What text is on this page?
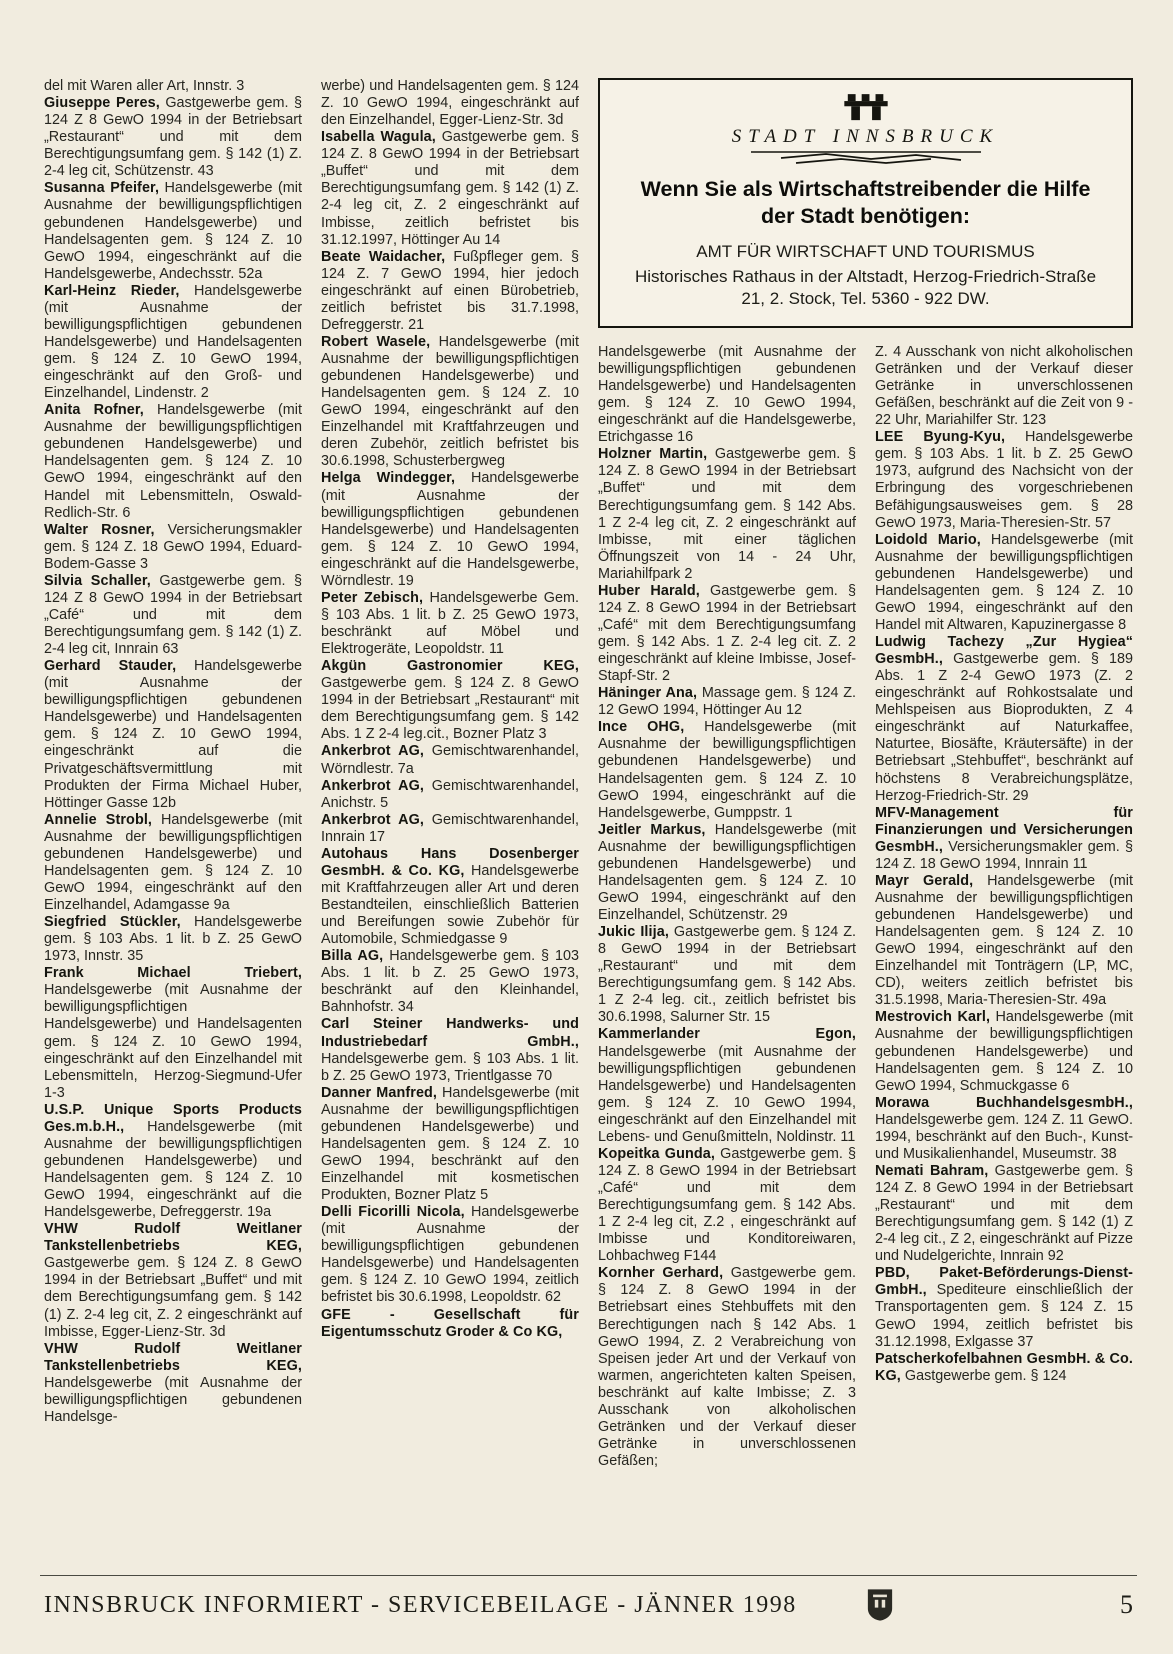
del mit Waren aller Art, Innstr. 3

Giuseppe Peres, Gastgewerbe gem. § 124 Z 8 GewO 1994 in der Betriebsart „Restaurant“ und mit dem Berechtigungsumfang gem. § 142 (1) Z. 2-4 leg cit, Schützenstr. 43

Susanna Pfeifer, Handelsgewerbe (mit Ausnahme der bewilligungspflichtigen gebundenen Handelsgewerbe) und Handelsagenten gem. § 124 Z. 10 GewO 1994, eingeschränkt auf die Handelsgewerbe, Andechsstr. 52a

Karl-Heinz Rieder, Handelsgewerbe (mit Ausnahme der bewilligungspflichtigen gebundenen Handelsgewerbe) und Handelsagenten gem. § 124 Z. 10 GewO 1994, eingeschränkt auf den Groß- und Einzelhandel, Lindenstr. 2

Anita Rofner, Handelsgewerbe (mit Ausnahme der bewilligungspflichtigen gebundenen Handelsgewerbe) und Handelsagenten gem. § 124 Z. 10 GewO 1994, eingeschränkt auf den Handel mit Lebensmitteln, Oswald-Redlich-Str. 6

Walter Rosner, Versicherungsmakler gem. § 124 Z. 18 GewO 1994, Eduard-Bodem-Gasse 3

Silvia Schaller, Gastgewerbe gem. § 124 Z 8 GewO 1994 in der Betriebsart „Café“ und mit dem Berechtigungsumfang gem. § 142 (1) Z. 2-4 leg cit, Innrain 63

Gerhard Stauder, Handelsgewerbe (mit Ausnahme der bewilligungspflichtigen gebundenen Handelsgewerbe) und Handelsagenten gem. § 124 Z. 10 GewO 1994, eingeschränkt auf die Privatgeschäftsvermittlung mit Produkten der Firma Michael Huber, Höttinger Gasse 12b

Annelie Strobl, Handelsgewerbe (mit Ausnahme der bewilligungspflichtigen gebundenen Handelsgewerbe) und Handelsagenten gem. § 124 Z. 10 GewO 1994, eingeschränkt auf den Einzelhandel, Adamgasse 9a

Siegfried Stückler, Handelsgewerbe gem. § 103 Abs. 1 lit. b Z. 25 GewO 1973, Innstr. 35

Frank Michael Triebert, Handelsgewerbe (mit Ausnahme der bewilligungspflichtigen Handelsgewerbe) und Handelsagenten gem. § 124 Z. 10 GewO 1994, eingeschränkt auf den Einzelhandel mit Lebensmitteln, Herzog-Siegmund-Ufer 1-3

U.S.P. Unique Sports Products Ges.m.b.H., Handelsgewerbe (mit Ausnahme der bewilligungspflichtigen gebundenen Handelsgewerbe) und Handelsagenten gem. § 124 Z. 10 GewO 1994, eingeschränkt auf die Handelsgewerbe, Defreggerstr. 19a

VHW Rudolf Weitlaner Tankstellenbetriebs KEG, Gastgewerbe gem. § 124 Z. 8 GewO 1994 in der Betriebsart „Buffet“ und mit dem Berechtigungsumfang gem. § 142 (1) Z. 2-4 leg cit, Z. 2 eingeschränkt auf Imbisse, Egger-Lienz-Str. 3d

VHW Rudolf Weitlaner Tankstellenbetriebs KEG, Handelsgewerbe (mit Ausnahme der bewilligungspflichtigen gebundenen Handelsge-

werbe) und Handelsagenten gem. § 124 Z. 10 GewO 1994, eingeschränkt auf den Einzelhandel, Egger-Lienz-Str. 3d

Isabella Wagula, Gastgewerbe gem. § 124 Z. 8 GewO 1994 in der Betriebsart „Buffet“ und mit dem Berechtigungsumfang gem. § 142 (1) Z. 2-4 leg cit, Z. 2 eingeschränkt auf Imbisse, zeitlich befristet bis 31.12.1997, Höttinger Au 14

Beate Waidacher, Fußpfleger gem. § 124 Z. 7 GewO 1994, hier jedoch eingeschränkt auf einen Bürobetrieb, zeitlich befristet bis 31.7.1998, Defreggerstr. 21

Robert Wasele, Handelsgewerbe (mit Ausnahme der bewilligungspflichtigen gebundenen Handelsgewerbe) und Handelsagenten gem. § 124 Z. 10 GewO 1994, eingeschränkt auf den Einzelhandel mit Kraftfahrzeugen und deren Zubehör, zeitlich befristet bis 30.6.1998, Schusterbergweg

Helga Windegger, Handelsgewerbe (mit Ausnahme der bewilligungspflichtigen gebundenen Handelsgewerbe) und Handelsagenten gem. § 124 Z. 10 GewO 1994, eingeschränkt auf die Handelsgewerbe, Wörndlestr. 19

Peter Zebisch, Handelsgewerbe Gem. § 103 Abs. 1 lit. b Z. 25 GewO 1973, beschränkt auf Möbel und Elektrogeräte, Leopoldstr. 11

Akgün Gastronomier KEG, Gastgewerbe gem. § 124 Z. 8 GewO 1994 in der Betriebsart „Restaurant“ mit dem Berechtigungsumfang gem. § 142 Abs. 1 Z 2-4 leg.cit., Bozner Platz 3

Ankerbrot AG, Gemischtwarenhandel, Wörndlestr. 7a

Ankerbrot AG, Gemischtwarenhandel, Anichstr. 5

Ankerbrot AG, Gemischtwarenhandel, Innrain 17

Autohaus Hans Dosenberger GesmbH. & Co. KG, Handelsgewerbe mit Kraftfahrzeugen aller Art und deren Bestandteilen, einschließlich Batterien und Bereifungen sowie Zubehör für Automobile, Schmiedgasse 9

Billa AG, Handelsgewerbe gem. § 103 Abs. 1 lit. b Z. 25 GewO 1973, beschränkt auf den Kleinhandel, Bahnhofstr. 34

Carl Steiner Handwerks- und Industriebedarf GmbH., Handelsgewerbe gem. § 103 Abs. 1 lit. b Z. 25 GewO 1973, Trientlgasse 70

Danner Manfred, Handelsgewerbe (mit Ausnahme der bewilligungspflichtigen gebundenen Handelsgewerbe) und Handelsagenten gem. § 124 Z. 10 GewO 1994, beschränkt auf den Einzelhandel mit kosmetischen Produkten, Bozner Platz 5

Delli Ficorilli Nicola, Handelsgewerbe (mit Ausnahme der bewilligungspflichtigen gebundenen Handelsgewerbe) und Handelsagenten gem. § 124 Z. 10 GewO 1994, zeitlich befristet bis 30.6.1998, Leopoldstr. 62

GFE - Gesellschaft für Eigentumsschutz Groder & Co KG,

STADT INNSBRUCK
Wenn Sie als Wirtschaftstreibender die Hilfe der Stadt benötigen:
AMT FÜR WIRTSCHAFT UND TOURISMUS
Historisches Rathaus in der Altstadt, Herzog-Friedrich-Straße 21, 2. Stock, Tel. 5360 - 922 DW.

Handelsgewerbe (mit Ausnahme der bewilligungspflichtigen gebundenen Handelsgewerbe) und Handelsagenten gem. § 124 Z. 10 GewO 1994, eingeschränkt auf die Handelsgewerbe, Etrichgasse 16

Holzner Martin, Gastgewerbe gem. § 124 Z. 8 GewO 1994 in der Betriebsart „Buffet“ und mit dem Berechtigungsumfang gem. § 142 Abs. 1 Z 2-4 leg cit, Z. 2 eingeschränkt auf Imbisse, mit einer täglichen Öffnungszeit von 14 - 24 Uhr, Mariahilfpark 2

Huber Harald, Gastgewerbe gem. § 124 Z. 8 GewO 1994 in der Betriebsart „Café“ mit dem Berechtigungsumfang gem. § 142 Abs. 1 Z. 2-4 leg cit. Z. 2 eingeschränkt auf kleine Imbisse, Josef-Stapf-Str. 2

Häninger Ana, Massage gem. § 124 Z. 12 GewO 1994, Höttinger Au 12

Ince OHG, Handelsgewerbe (mit Ausnahme der bewilligungspflichtigen gebundenen Handelsgewerbe) und Handelsagenten gem. § 124 Z. 10 GewO 1994, eingeschränkt auf die Handelsgewerbe, Gumppstr. 1

Jeitler Markus, Handelsgewerbe (mit Ausnahme der bewilligungspflichtigen gebundenen Handelsgewerbe) und Handelsagenten gem. § 124 Z. 10 GewO 1994, eingeschränkt auf den Einzelhandel, Schützenstr. 29

Jukic Ilija, Gastgewerbe gem. § 124 Z. 8 GewO 1994 in der Betriebsart „Restaurant“ und mit dem Berechtigungsumfang gem. § 142 Abs. 1 Z 2-4 leg. cit., zeitlich befristet bis 30.6.1998, Salurner Str. 15

Kammerlander Egon, Handelsgewerbe (mit Ausnahme der bewilligungspflichtigen gebundenen Handelsgewerbe) und Handelsagenten gem. § 124 Z. 10 GewO 1994, eingeschränkt auf den Einzelhandel mit Lebens- und Genußmitteln, Noldinstr. 11

Kopeitka Gunda, Gastgewerbe gem. § 124 Z. 8 GewO 1994 in der Betriebsart „Café“ und mit dem Berechtigungsumfang gem. § 142 Abs. 1 Z 2-4 leg cit, Z.2 , eingeschränkt auf Imbisse und Konditoreiwaren, Lohbachweg F144

Kornher Gerhard, Gastgewerbe gem. § 124 Z. 8 GewO 1994 in der Betriebsart eines Stehbuffets mit den Berechtigungen nach § 142 Abs. 1 GewO 1994, Z. 2 Verabreichung von Speisen jeder Art und der Verkauf von warmen, angerichteten kalten Speisen, beschränkt auf kalte Imbisse; Z. 3 Ausschank von alkoholischen Getränken und der Verkauf dieser Getränke in unverschlossenen Gefäßen;

Z. 4 Ausschank von nicht alkoholischen Getränken und der Verkauf dieser Getränke in unverschlossenen Gefäßen, beschränkt auf die Zeit von 9 - 22 Uhr, Mariahilfer Str. 123

LEE Byung-Kyu, Handelsgewerbe gem. § 103 Abs. 1 lit. b Z. 25 GewO 1973, aufgrund des Nachsicht von der Erbringung des vorgeschriebenen Befähigungsausweises gem. § 28 GewO 1973, Maria-Theresien-Str. 57

Loidold Mario, Handelsgewerbe (mit Ausnahme der bewilligungspflichtigen gebundenen Handelsgewerbe) und Handelsagenten gem. § 124 Z. 10 GewO 1994, eingeschränkt auf den Handel mit Altwaren, Kapuzinergasse 8

Ludwig Tachezy „Zur Hygiea“ GesmbH., Gastgewerbe gem. § 189 Abs. 1 Z 2-4 GewO 1973 (Z. 2 eingeschränkt auf Rohkostsalate und Mehlspeisen aus Bioprodukten, Z 4 eingeschränkt auf Naturkaffee, Naturtee, Biosäfte, Kräutersäfte) in der Betriebsart „Stehbuffet“, beschränkt auf höchstens 8 Verabreichungsplätze, Herzog-Friedrich-Str. 29

MFV-Management für Finanzierungen und Versicherungen GesmbH., Versicherungsmakler gem. § 124 Z. 18 GewO 1994, Innrain 11

Mayr Gerald, Handelsgewerbe (mit Ausnahme der bewilligungspflichtigen gebundenen Handelsgewerbe) und Handelsagenten gem. § 124 Z. 10 GewO 1994, eingeschränkt auf den Einzelhandel mit Tonträgern (LP, MC, CD), weiters zeitlich befristet bis 31.5.1998, Maria-Theresien-Str. 49a

Mestrovich Karl, Handelsgewerbe (mit Ausnahme der bewilligungspflichtigen gebundenen Handelsgewerbe) und Handelsagenten gem. § 124 Z. 10 GewO 1994, Schmuckgasse 6

Morawa BuchhandelsgesmbH., Handelsgewerbe gem. 124 Z. 11 GewO. 1994, beschränkt auf den Buch-, Kunst- und Musikalienhandel, Museumstr. 38

Nemati Bahram, Gastgewerbe gem. § 124 Z. 8 GewO 1994 in der Betriebsart „Restaurant“ und mit dem Berechtigungsumfang gem. § 142 (1) Z 2-4 leg cit., Z 2, eingeschränkt auf Pizze und Nudelgerichte, Innrain 92

PBD, Paket-Beförderungs-Dienst-GmbH., Spediteure einschließlich der Transportagenten gem. § 124 Z. 15 GewO 1994, zeitlich befristet bis 31.12.1998, Exlgasse 37

Patscherkofelbahnen GesmbH. & Co. KG, Gastgewerbe gem. § 124

INNSBRUCK INFORMIERT - SERVICEBEILAGE - JÄNNER 1998	5
